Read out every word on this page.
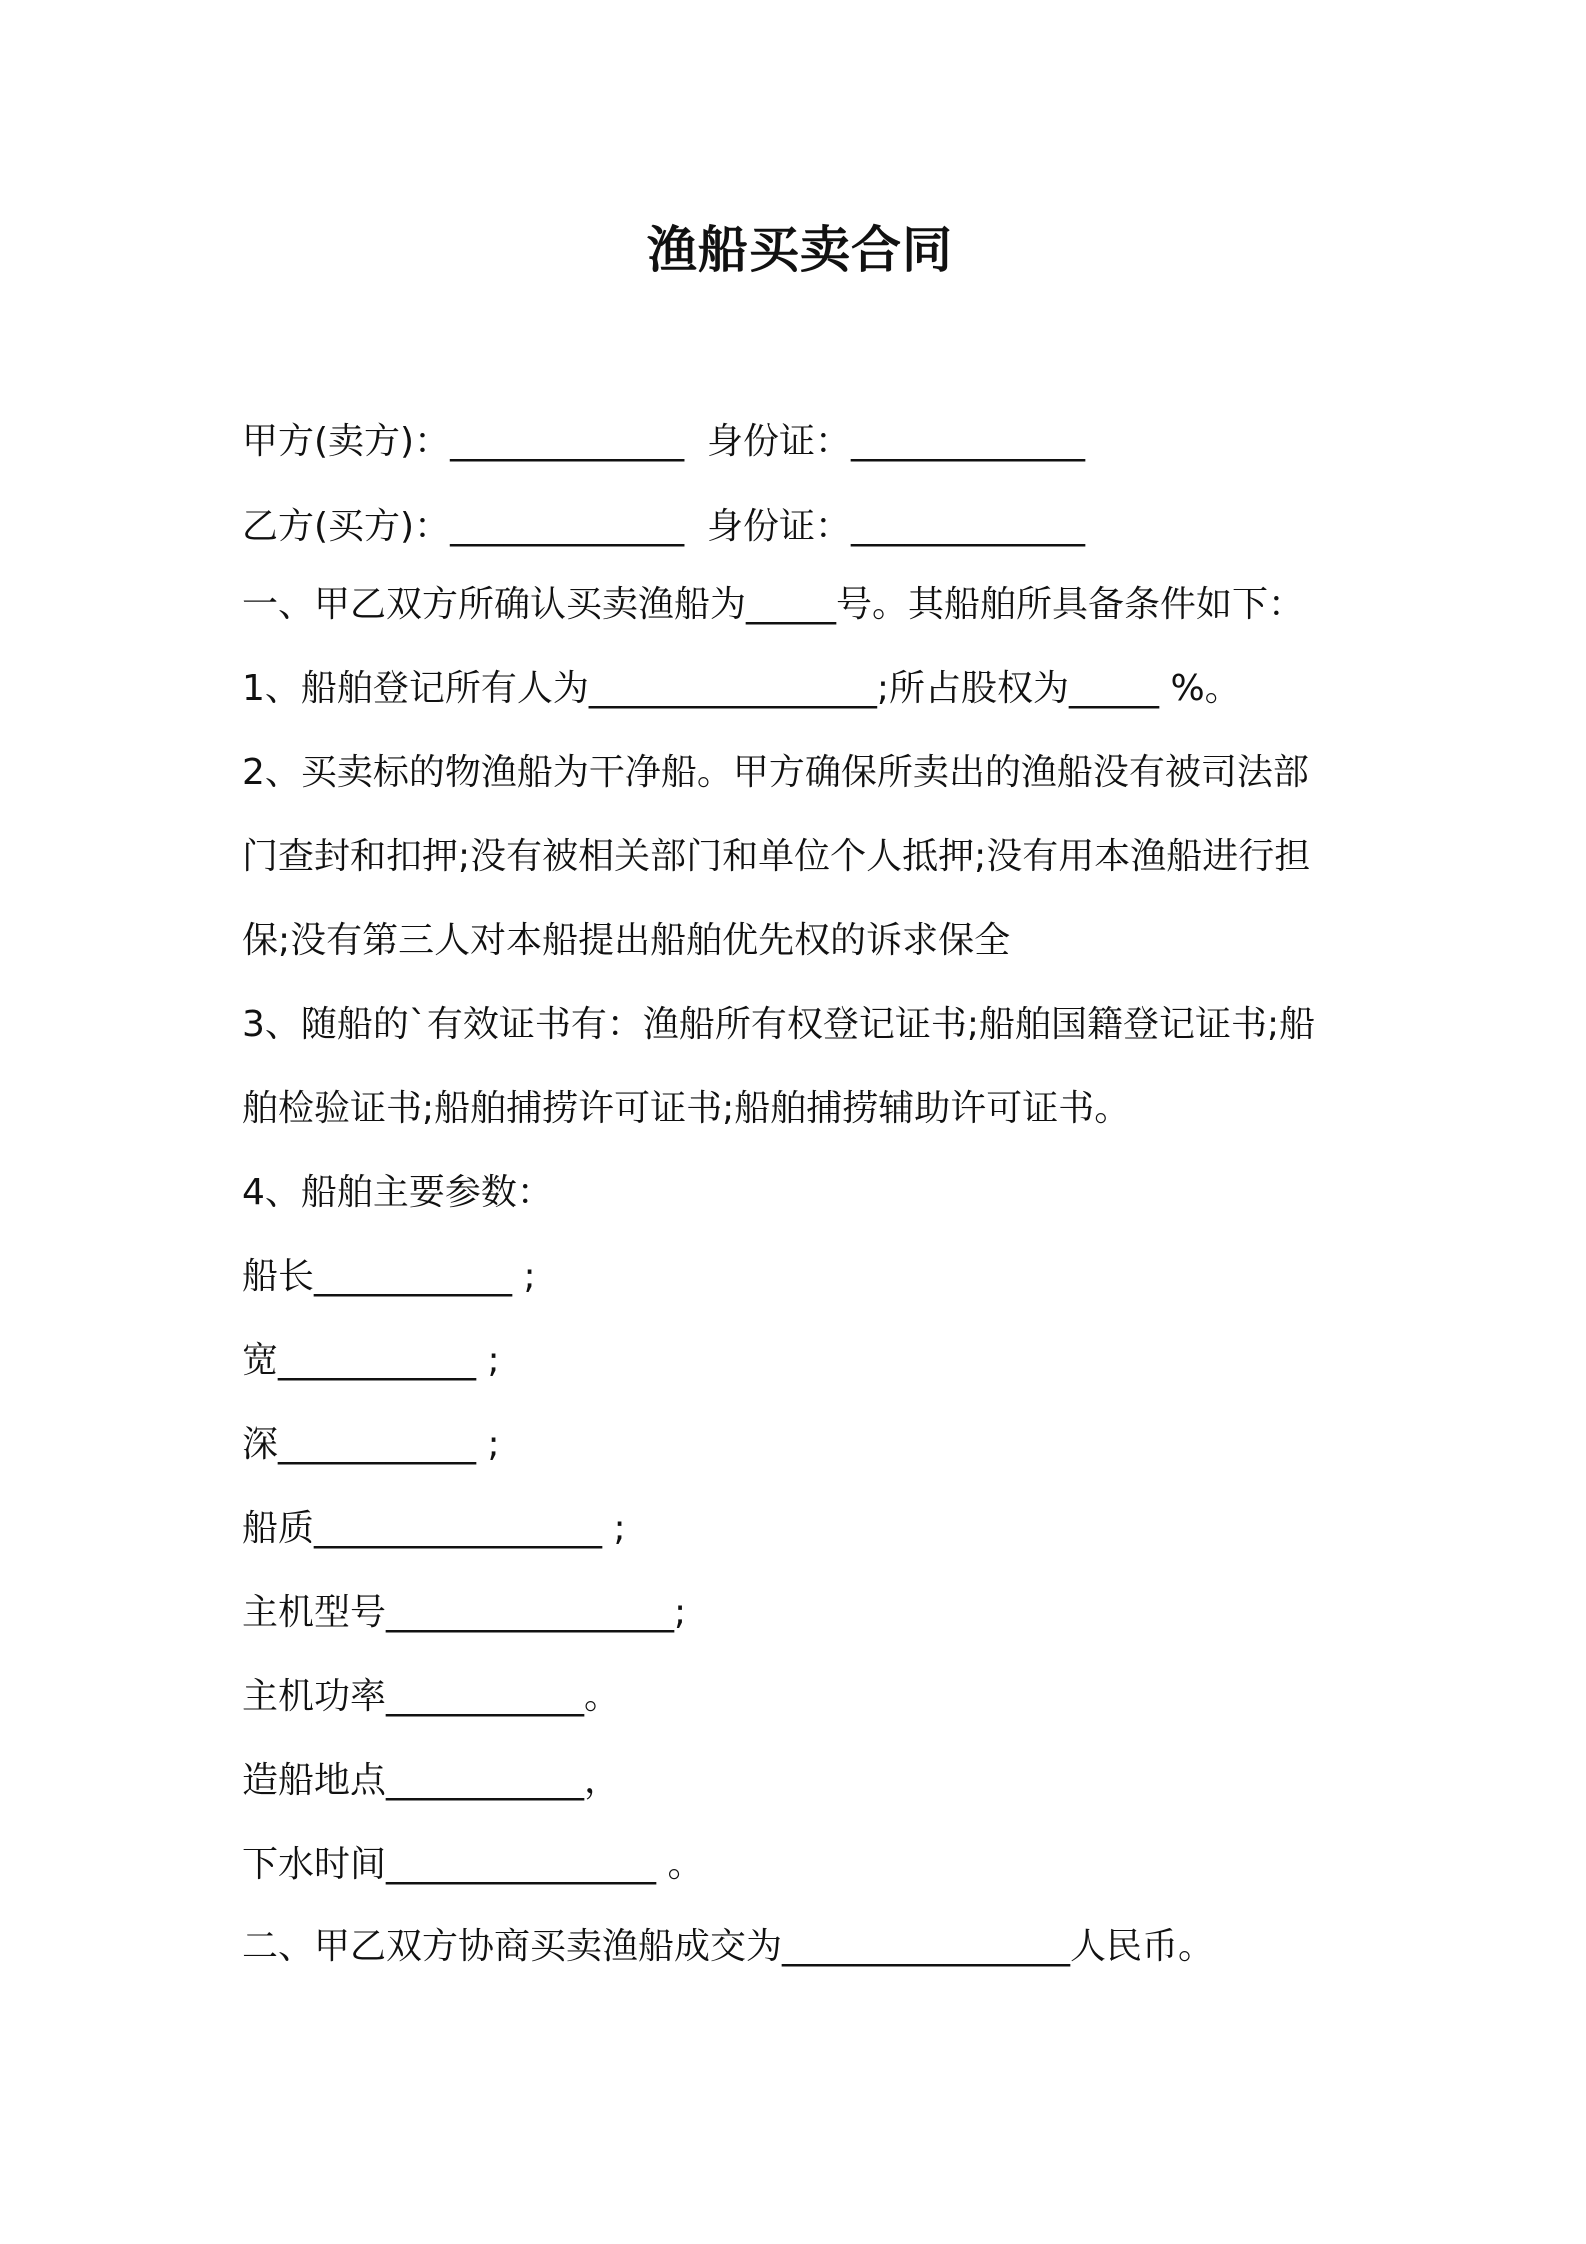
渔船买卖合同
甲方(卖方)：_____________  身份证：_____________
乙方(买方)：_____________  身份证：_____________
一、甲乙双方所确认买卖渔船为_____号。其船舶所具备条件如下：
1、船舶登记所有人为________________;所占股权为_____ %。
2、买卖标的物渔船为干净船。甲方确保所卖出的渔船没有被司法部
门查封和扣押;没有被相关部门和单位个人抵押;没有用本渔船进行担
保;没有第三人对本船提出船舶优先权的诉求保全
3、随船的`有效证书有：渔船所有权登记证书;船舶国籍登记证书;船
舶检验证书;船舶捕捞许可证书;船舶捕捞辅助许可证书。
4、船舶主要参数：
船长___________ ;
宽___________ ;
深___________ ;
船质________________ ;
主机型号________________;
主机功率___________。
造船地点___________，
下水时间_______________ 。
二、甲乙双方协商买卖渔船成交为________________人民币。
